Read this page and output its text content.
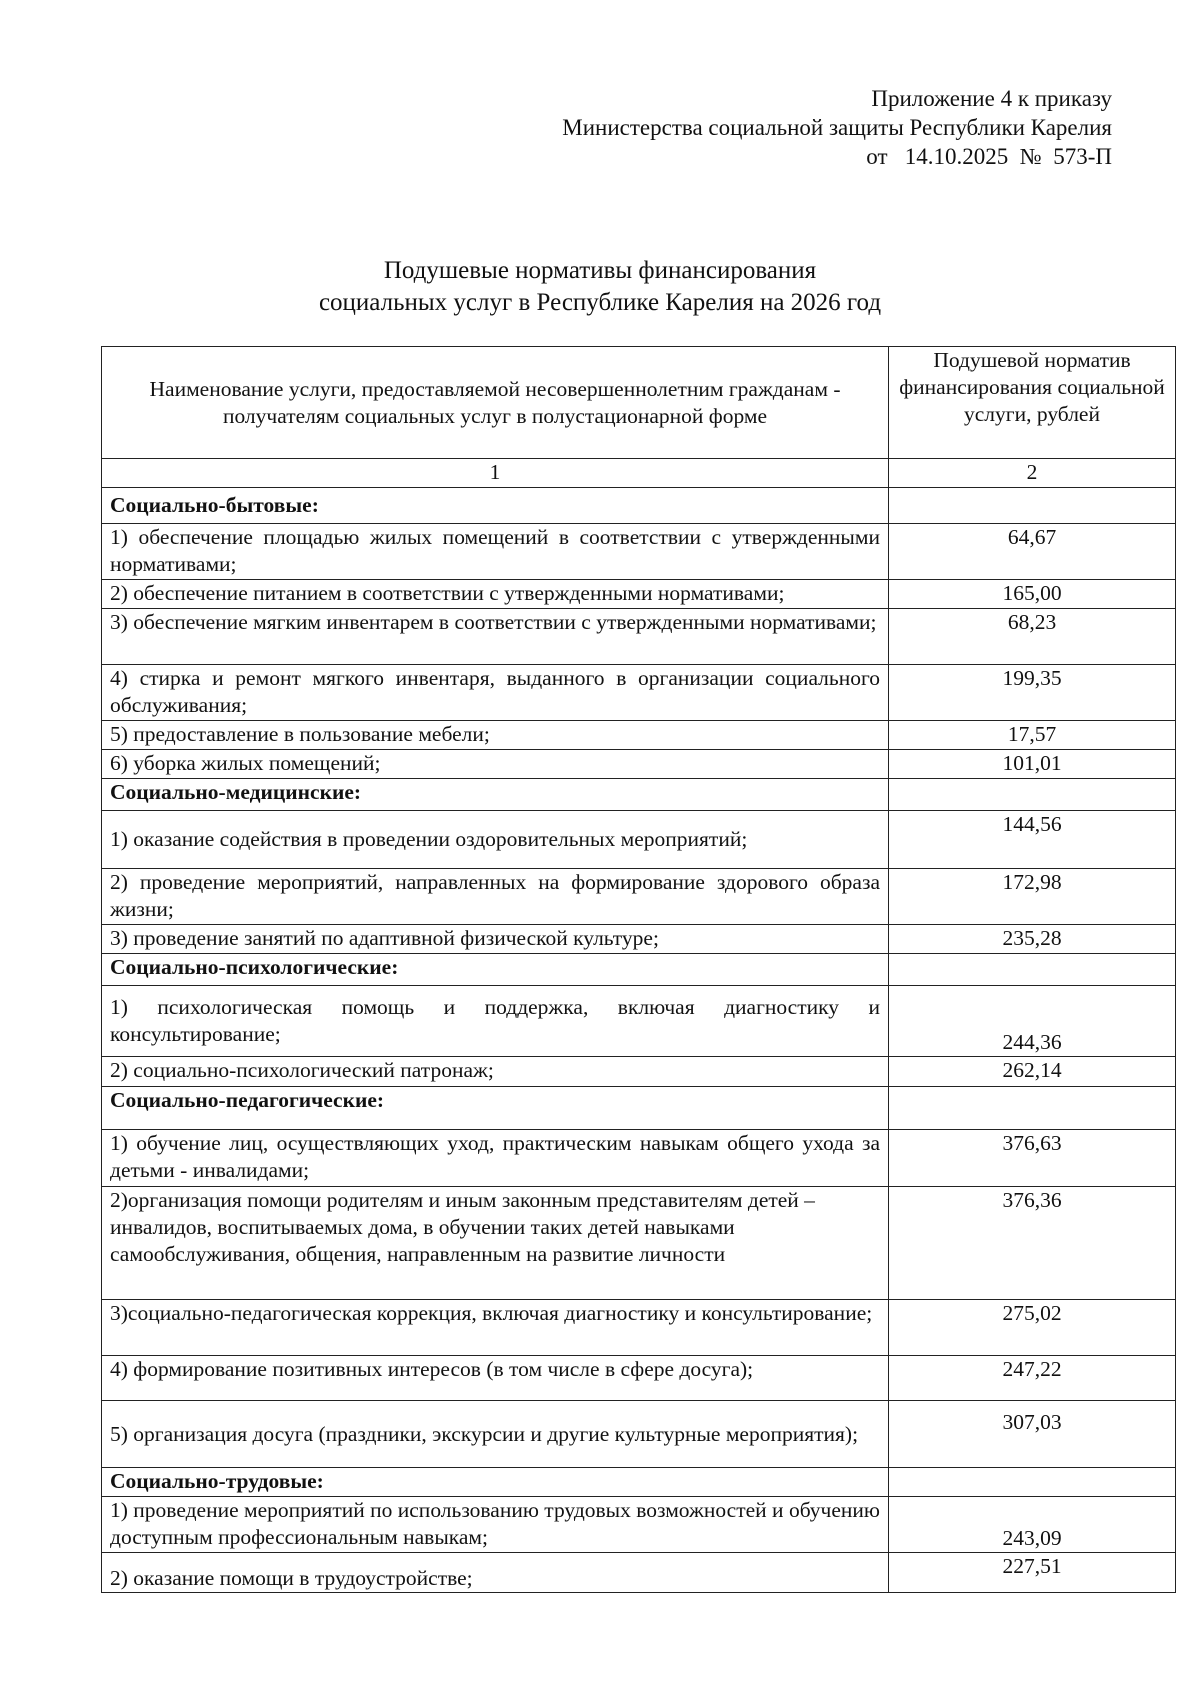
Приложение 4 к приказу
Министерства социальной защиты Республики Карелия
от   14.10.2025  №  573-П
Подушевые нормативы финансирования
социальных услуг в Республике Карелия на 2026 год
Наименование услуги, предоставляемой несовершеннолетним гражданам - получателям социальных услуг в полустационарной форме	Подушевой норматив финансирования социальной услуги, рублей
1	2
Социально-бытовые:	
1) обеспечение площадью жилых помещений в соответствии с утвержденными нормативами;	64,67
2) обеспечение питанием в соответствии с утвержденными нормативами;	165,00
3) обеспечение мягким инвентарем в соответствии с утвержденными нормативами;	68,23
4) стирка и ремонт мягкого инвентаря, выданного в организации социального обслуживания;	199,35
5) предоставление в пользование мебели;	17,57
6) уборка жилых помещений;	101,01
Социально-медицинские:	
1) оказание содействия в проведении оздоровительных мероприятий;	144,56
2) проведение мероприятий, направленных на формирование здорового образа жизни;	172,98
3) проведение занятий по адаптивной физической культуре;	235,28
Социально-психологические:	
1) психологическая помощь и поддержка, включая диагностику и консультирование;	244,36
2) социально-психологический патронаж;	262,14
Социально-педагогические:	
1) обучение лиц, осуществляющих уход, практическим навыкам общего ухода за детьми - инвалидами;	376,63
2)организация помощи родителям и иным законным представителям детей – инвалидов, воспитываемых дома, в обучении таких детей навыками самообслуживания, общения, направленным на развитие личности	376,36
3)социально-педагогическая коррекция, включая диагностику и консультирование;	275,02
4) формирование позитивных интересов (в том числе в сфере досуга);	247,22
5) организация досуга (праздники, экскурсии и другие культурные мероприятия);	307,03
Социально-трудовые:	
1) проведение мероприятий по использованию трудовых возможностей и обучению доступным профессиональным навыкам;	243,09
2) оказание помощи в трудоустройстве;	227,51
